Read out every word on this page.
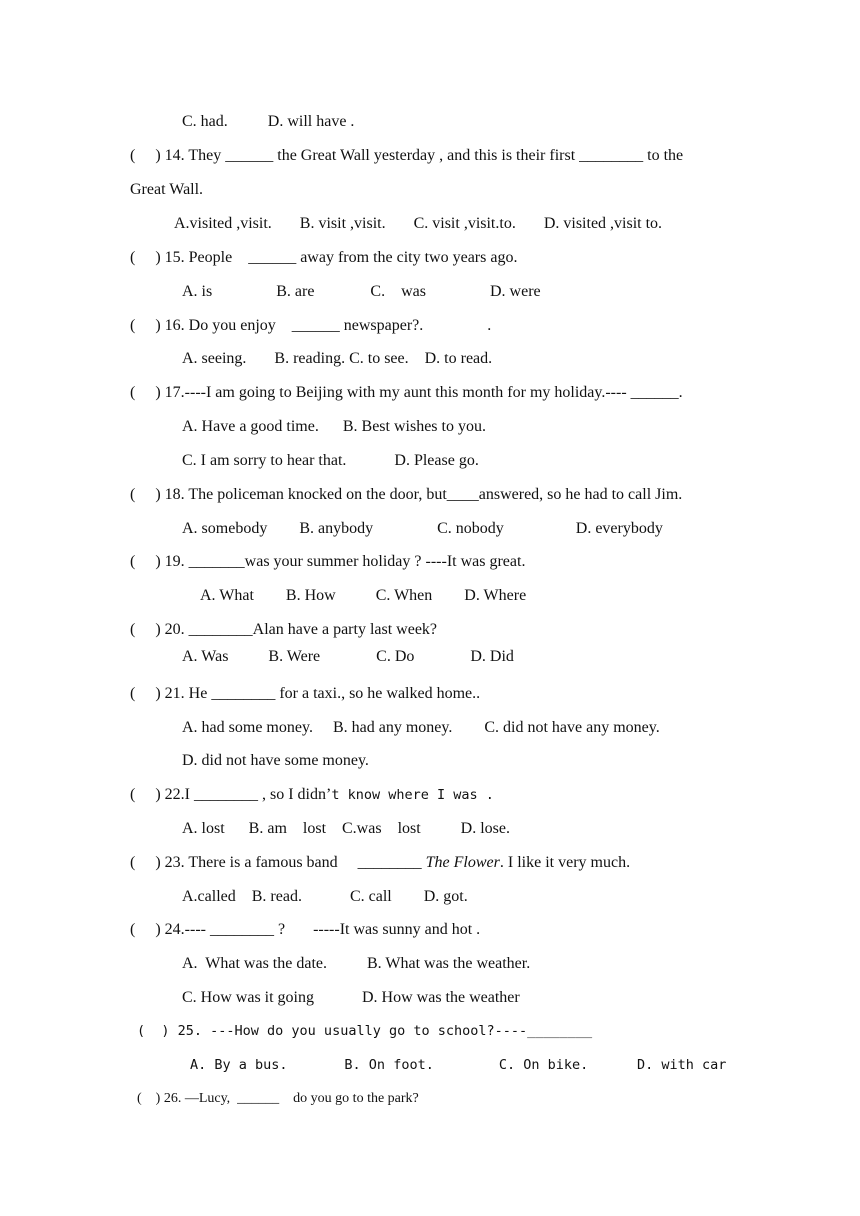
C. had.          D. will have .
(     ) 14. They ______ the Great Wall yesterday , and this is their first ________ to the
Great Wall.
A.visited ,visit.       B. visit ,visit.       C. visit ,visit.to.       D. visited ,visit to.
(     ) 15. People    ______ away from the city two years ago.
A. is                B. are              C.    was                D. were
(     ) 16. Do you enjoy    ______ newspaper?.                .
A. seeing.       B. reading. C. to see.    D. to read.
(     ) 17.----I am going to Beijing with my aunt this month for my holiday.---- ______.
A. Have a good time.      B. Best wishes to you.
C. I am sorry to hear that.            D. Please go.
(     ) 18. The policeman knocked on the door, but____answered, so he had to call Jim.
A. somebody        B. anybody                C. nobody                  D. everybody
(     ) 19. _______was your summer holiday ? ----It was great.
A. What        B. How          C. When        D. Where
(     ) 20. ________Alan have a party last week?
A. Was          B. Were              C. Do              D. Did
(     ) 21. He ________ for a taxi., so he walked home..
A. had some money.     B. had any money.        C. did not have any money.
D. did not have some money.
(     ) 22.I ________ , so I didn’t know where I was .
A. lost      B. am    lost    C.was    lost          D. lose.
(     ) 23. There is a famous band     ________ The Flower. I like it very much.
A.called    B. read.            C. call        D. got.
(     ) 24.---- ________ ?       -----It was sunny and hot .
A.  What was the date.          B. What was the weather.
C. How was it going            D. How was the weather
(  ) 25. ---How do you usually go to school?----________
A. By a bus.       B. On foot.        C. On bike.      D. with car
(    ) 26. —Lucy,  ______    do you go to the park?
